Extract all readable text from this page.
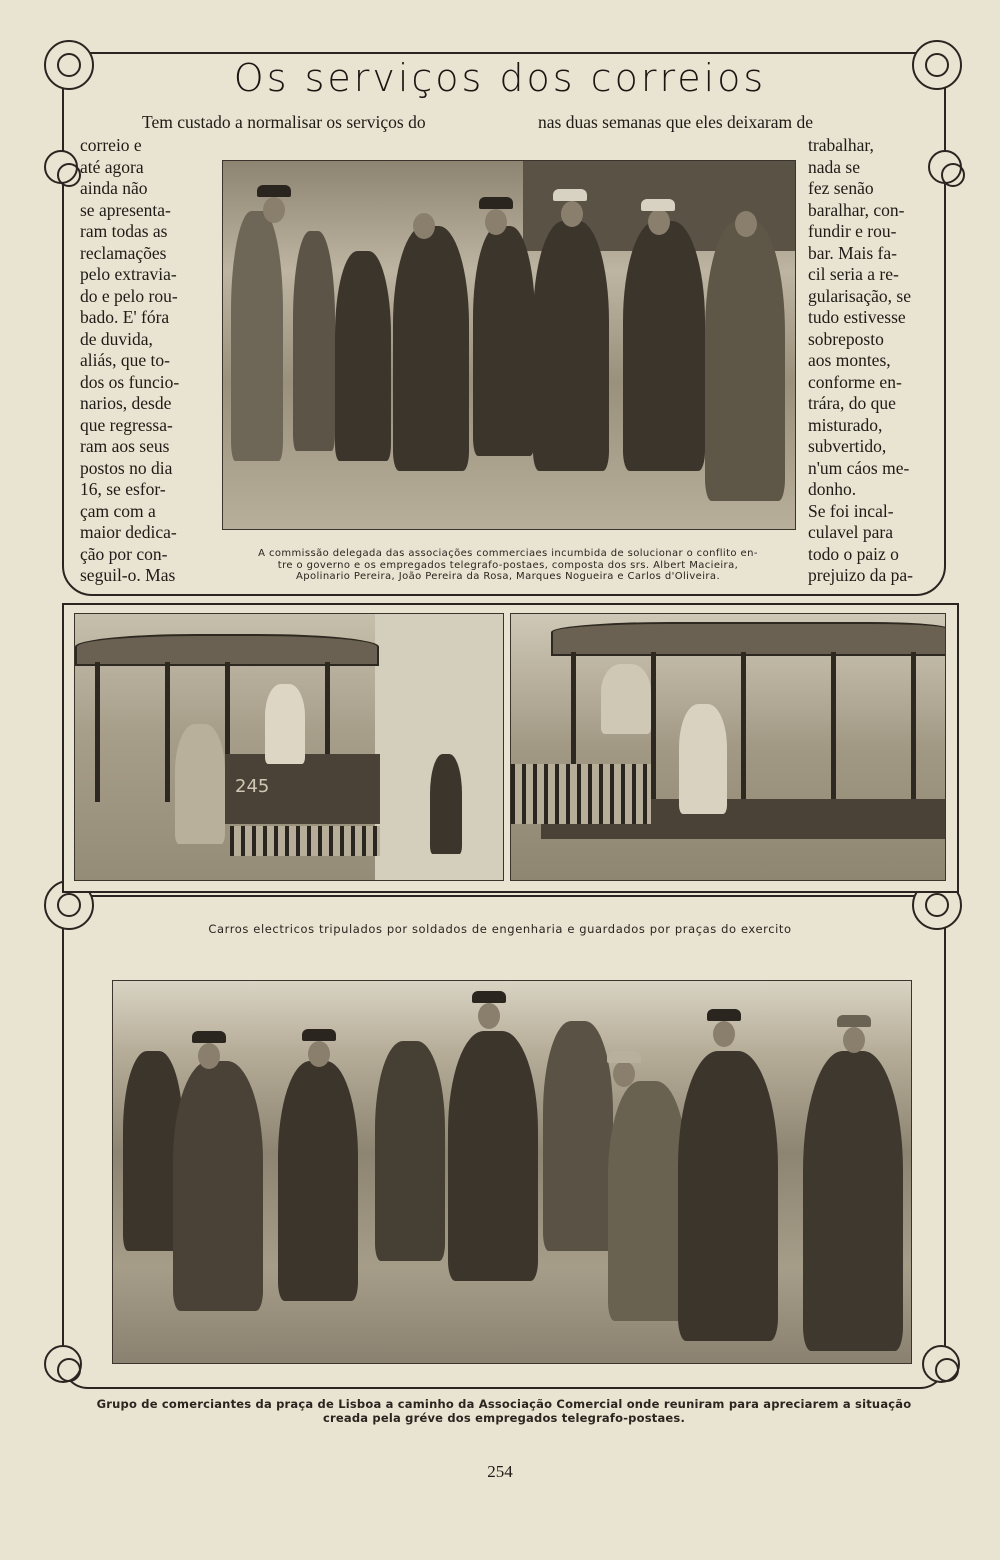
Os serviços dos correios
Tem custado a normalisar os serviços do	nas duas semanas que eles deixaram de
correio e
até agora
ainda não
se apresenta-
ram todas as
reclamações
pelo extravia-
do e pelo rou-
bado. E' fóra
de duvida,
aliás, que to-
dos os funcio-
narios, desde
que regressa-
ram aos seus
postos no dia
16, se esfor-
çam com a
maior dedica-
ção por con-
seguil-o. Mas
trabalhar,
nada se
fez senão
baralhar, con-
fundir e rou-
bar. Mais fa-
cil seria a re-
gularisação, se
tudo estivesse
sobreposto
aos montes,
conforme en-
trára, do que
misturado,
subvertido,
n'um cáos me-
donho.
Se foi incal-
culavel para
todo o paiz o
prejuizo da pa-
A commissão delegada das associações commerciaes incumbida de solucionar o conflito en-
tre o governo e os empregados telegrafo-postaes, composta dos srs. Albert Macieira,
Apolinario Pereira, João Pereira da Rosa, Marques Nogueira e Carlos d'Oliveira.
245
Carros electricos tripulados por soldados de engenharia e guardados por praças do exercito
Grupo de comerciantes da praça de Lisboa a caminho da Associação Comercial onde reuniram para apreciarem a situação
creada pela gréve dos empregados telegrafo-postaes.
254
